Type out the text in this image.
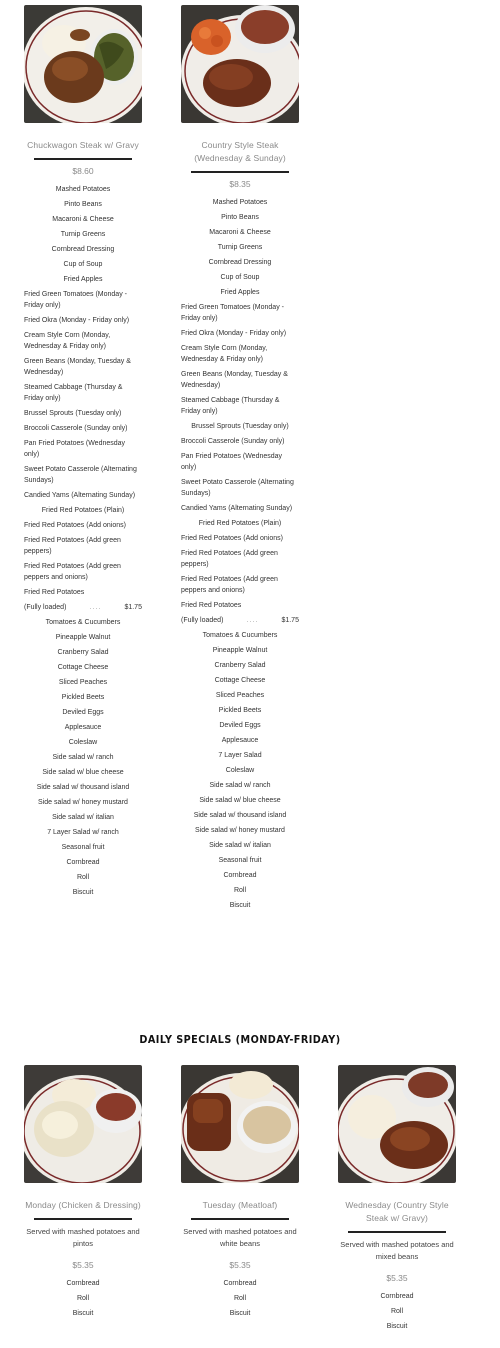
Chuckwagon Steak w/ Gravy
$8.60
Mashed Potatoes
Pinto Beans
Macaroni & Cheese
Turnip Greens
Cornbread Dressing
Cup of Soup
Fried Apples
Fried Green Tomatoes (Monday - Friday only)
Fried Okra (Monday - Friday only)
Cream Style Corn (Monday, Wednesday & Friday only)
Green Beans (Monday, Tuesday & Wednesday)
Steamed Cabbage (Thursday & Friday only)
Brussel Sprouts (Tuesday only)
Broccoli Casserole (Sunday only)
Pan Fried Potatoes (Wednesday only)
Sweet Potato Casserole (Alternating Sundays)
Candied Yams (Alternating Sunday)
Fried Red Potatoes (Plain)
Fried Red Potatoes (Add onions)
Fried Red Potatoes (Add green peppers)
Fried Red Potatoes (Add green peppers and onions)
Fried Red Potatoes
(Fully loaded)	....	$1.75
Tomatoes & Cucumbers
Pineapple Walnut
Cranberry Salad
Cottage Cheese
Sliced Peaches
Pickled Beets
Deviled Eggs
Applesauce
Coleslaw
Side salad w/ ranch
Side salad w/ blue cheese
Side salad w/ thousand island
Side salad w/ honey mustard
Side salad w/ italian
7 Layer Salad w/ ranch
Seasonal fruit
Cornbread
Roll
Biscuit
Country Style Steak (Wednesday & Sunday)
$8.35
Mashed Potatoes
Pinto Beans
Macaroni & Cheese
Turnip Greens
Cornbread Dressing
Cup of Soup
Fried Apples
Fried Green Tomatoes (Monday - Friday only)
Fried Okra (Monday - Friday only)
Cream Style Corn (Monday, Wednesday & Friday only)
Green Beans (Monday, Tuesday & Wednesday)
Steamed Cabbage (Thursday & Friday only)
Brussel Sprouts (Tuesday only)
Broccoli Casserole (Sunday only)
Pan Fried Potatoes (Wednesday only)
Sweet Potato Casserole (Alternating Sundays)
Candied Yams (Alternating Sunday)
Fried Red Potatoes (Plain)
Fried Red Potatoes (Add onions)
Fried Red Potatoes (Add green peppers)
Fried Red Potatoes (Add green peppers and onions)
Fried Red Potatoes
(Fully loaded)	....	$1.75
Tomatoes & Cucumbers
Pineapple Walnut
Cranberry Salad
Cottage Cheese
Sliced Peaches
Pickled Beets
Deviled Eggs
Applesauce
7 Layer Salad
Coleslaw
Side salad w/ ranch
Side salad w/ blue cheese
Side salad w/ thousand island
Side salad w/ honey mustard
Side salad w/ italian
Seasonal fruit
Cornbread
Roll
Biscuit
DAILY SPECIALS (MONDAY-FRIDAY)
Monday (Chicken & Dressing)
Served with mashed potatoes and pintos
$5.35
Cornbread
Roll
Biscuit
Tuesday (Meatloaf)
Served with mashed potatoes and white beans
$5.35
Cornbread
Roll
Biscuit
Wednesday (Country Style Steak w/ Gravy)
Served with mashed potatoes and mixed beans
$5.35
Cornbread
Roll
Biscuit
